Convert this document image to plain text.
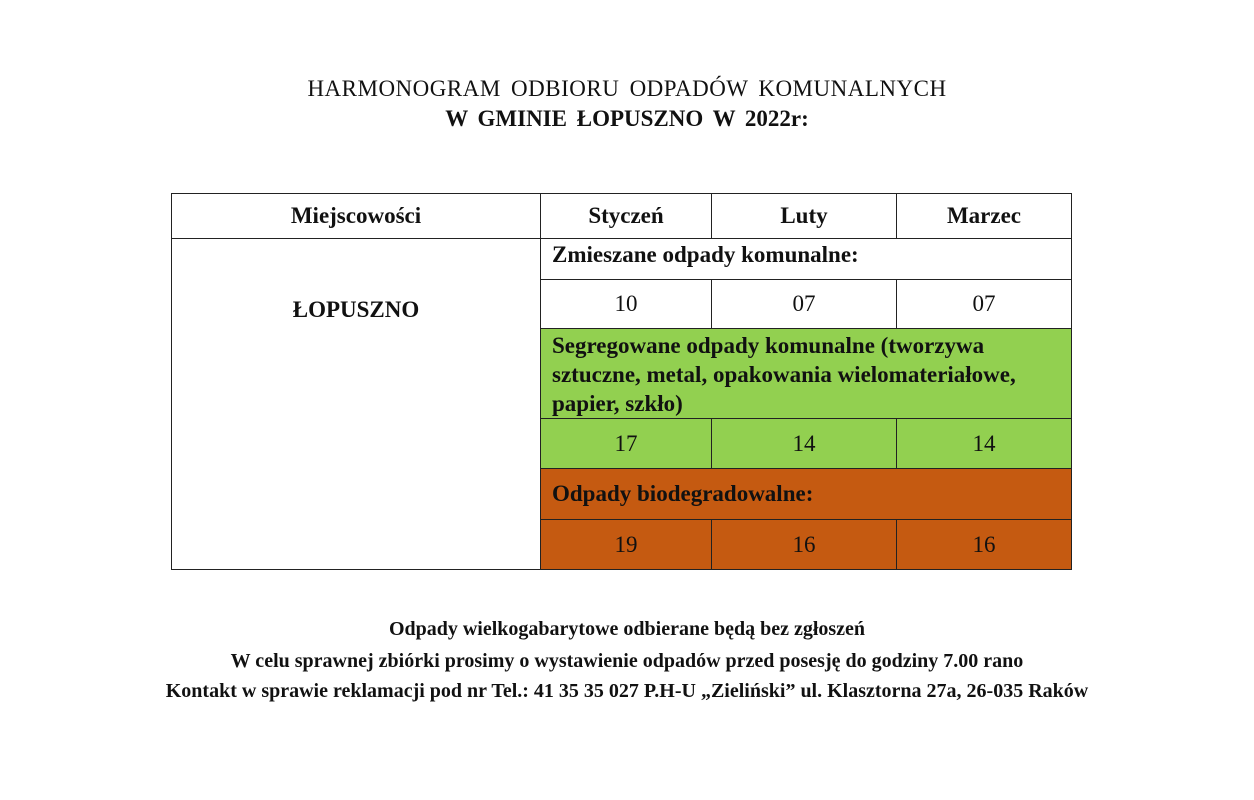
HARMONOGRAM ODBIORU ODPADÓW KOMUNALNYCH
W GMINIE ŁOPUSZNO W 2022r:
Miejscowości	Styczeń	Luty	Marzec
ŁOPUSZNO	Zmieszane odpady komunalne:		
	10	07	07
	Segregowane odpady komunalne (tworzywa sztuczne, metal, opakowania wielomateriałowe, papier, szkło)		
	17	14	14
	Odpady biodegradowalne:		
	19	16	16
Odpady wielkogabarytowe odbierane będą bez zgłoszeń
W celu sprawnej zbiórki prosimy o wystawienie odpadów przed posesję do godziny 7.00 rano
Kontakt w sprawie reklamacji pod nr Tel.: 41 35 35 027 P.H-U „Zieliński” ul. Klasztorna 27a, 26-035 Raków
